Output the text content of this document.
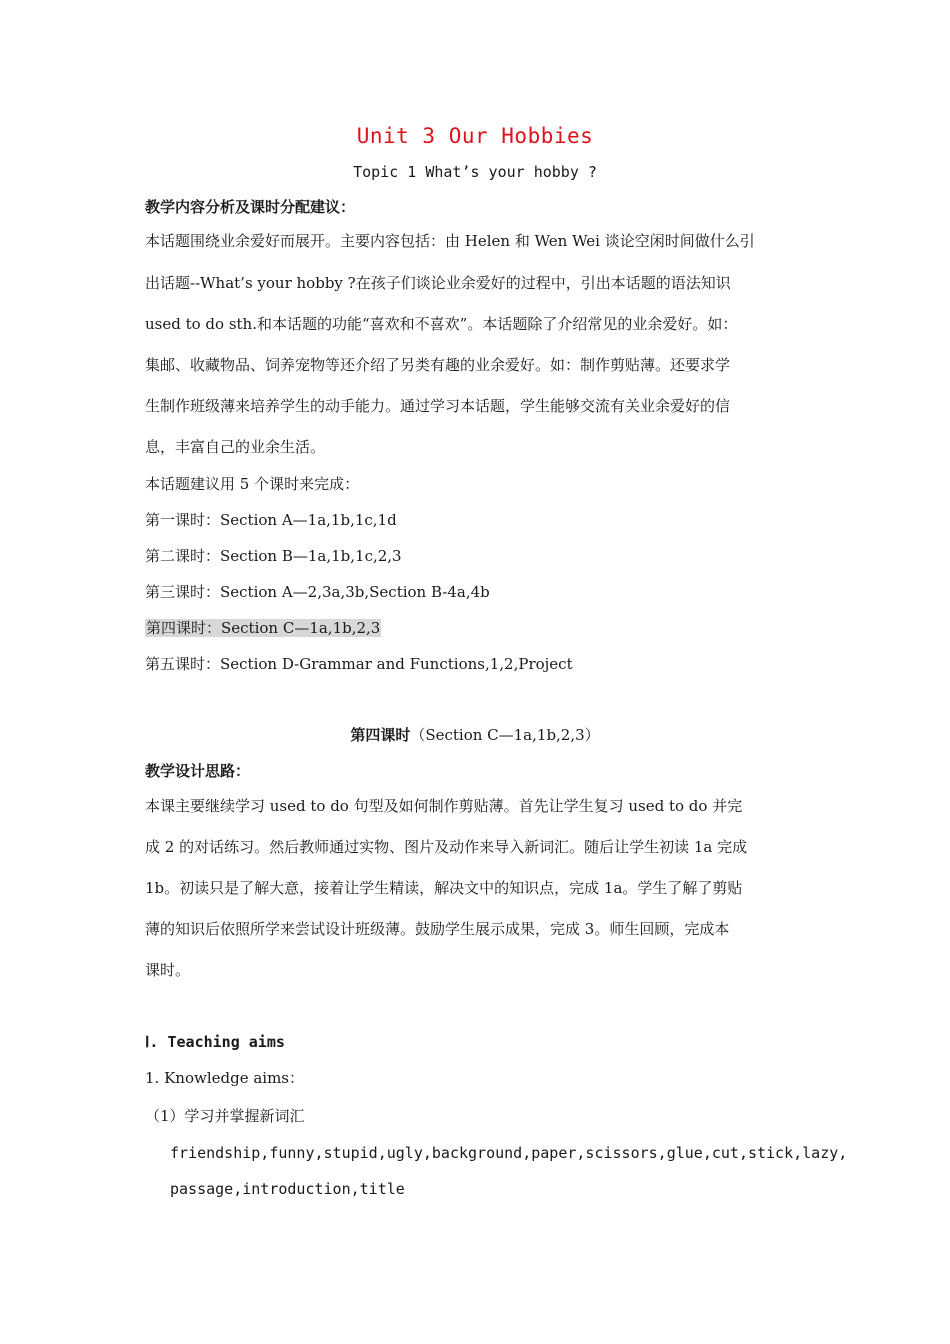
Unit 3 Our Hobbies
Topic 1 What’s your hobby ?
教学内容分析及课时分配建议：
本话题围绕业余爱好而展开。主要内容包括：由 Helen 和 Wen Wei 谈论空闲时间做什么引
出话题--What’s your hobby ?在孩子们谈论业余爱好的过程中，引出本话题的语法知识
used to do sth.和本话题的功能“喜欢和不喜欢”。本话题除了介绍常见的业余爱好。如：
集邮、收藏物品、饲养宠物等还介绍了另类有趣的业余爱好。如：制作剪贴薄。还要求学
生制作班级薄来培养学生的动手能力。通过学习本话题，学生能够交流有关业余爱好的信
息，丰富自己的业余生活。
本话题建议用 5 个课时来完成：
第一课时：Section A—1a,1b,1c,1d
第二课时：Section B—1a,1b,1c,2,3
第三课时：Section A—2,3a,3b,Section B-4a,4b
第四课时：Section C—1a,1b,2,3
第五课时：Section D-Grammar and Functions,1,2,Project
第四课时（Section C—1a,1b,2,3）
教学设计思路：
本课主要继续学习 used to do 句型及如何制作剪贴薄。首先让学生复习 used to do 并完
成 2 的对话练习。然后教师通过实物、图片及动作来导入新词汇。随后让学生初读 1a 完成
1b。初读只是了解大意，接着让学生精读，解决文中的知识点，完成 1a。学生了解了剪贴
薄的知识后依照所学来尝试设计班级薄。鼓励学生展示成果，完成 3。师生回顾，完成本
课时。
Ⅰ. Teaching aims
1. Knowledge aims：
（1）学习并掌握新词汇
friendship,funny,stupid,ugly,background,paper,scissors,glue,cut,stick,lazy,
passage,introduction,title
